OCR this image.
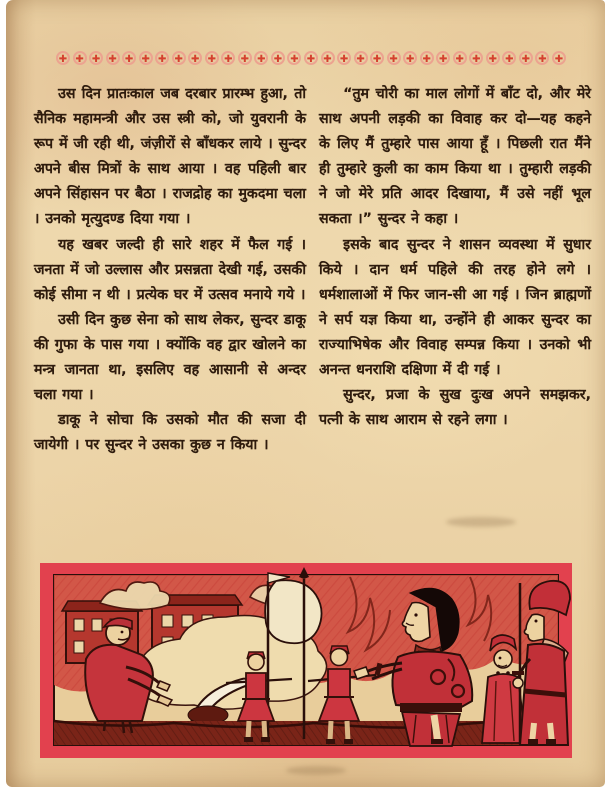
✚ ✚ ✚ ✚ ✚ ✚ ✚ ✚ ✚ ✚ ✚ ✚ ✚ ✚ ✚ ✚ ✚ ✚ ✚ ✚ ✚ ✚ ✚ ✚ ✚ ✚ ✚ ✚ ✚ ✚ ✚

उस दिन प्रातःकाल जब दरबार प्रारम्भ हुआ, तो सैनिक महामन्त्री और उस स्त्री को, जो युवरानी के रूप में जी रही थी, जंज़ीरों से बाँधकर लाये । सुन्दर अपने बीस मित्रों के साथ आया । वह पहिली बार अपने सिंहासन पर बैठा । राजद्रोह का मुकदमा चला । उनको मृत्युदण्ड दिया गया ।

यह खबर जल्दी ही सारे शहर में फैल गई । जनता में जो उल्लास और प्रसन्नता देखी गई, उसकी कोई सीमा न थी । प्रत्येक घर में उत्सव मनाये गये ।

उसी दिन कुछ सेना को साथ लेकर, सुन्दर डाकू की गुफा के पास गया । क्योंकि वह द्वार खोलने का मन्त्र जानता था, इसलिए वह आसानी से अन्दर चला गया ।

डाकू ने सोचा कि उसको मौत की सजा दी जायेगी । पर सुन्दर ने उसका कुछ न किया ।

“तुम चोरी का माल लोगों में बाँट दो, और मेरे साथ अपनी लड़की का विवाह कर दो—यह कहने के लिए मैं तुम्हारे पास आया हूँ । पिछली रात मैंने ही तुम्हारे कुली का काम किया था । तुम्हारी लड़की ने जो मेरे प्रति आदर दिखाया, मैं उसे नहीं भूल सकता ।” सुन्दर ने कहा ।

इसके बाद सुन्दर ने शासन व्यवस्था में सुधार किये । दान धर्म पहिले की तरह होने लगे । धर्मशालाओं में फिर जान-सी आ गई । जिन ब्राह्मणों ने सर्प यज्ञ किया था, उन्होंने ही आकर सुन्दर का राज्याभिषेक और विवाह सम्पन्न किया । उनको भी अनन्त धनराशि दक्षिणा में दी गई ।

सुन्दर, प्रजा के सुख दुःख अपने समझकर, पत्नी के साथ आराम से रहने लगा ।
